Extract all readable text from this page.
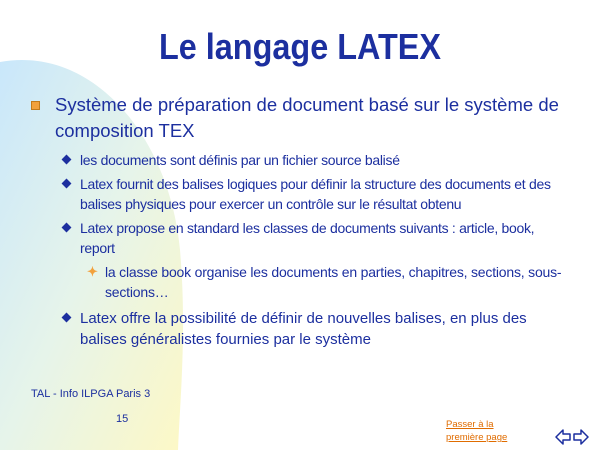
Le langage LATEX
Système de préparation de document basé sur le système de composition TEX
les documents sont définis par un fichier source balisé
Latex fournit des balises logiques pour définir la structure des documents et des balises physiques pour exercer un contrôle sur le résultat obtenu
Latex propose en standard les classes de documents suivants : article, book, report
✦ la classe book organise les documents en parties, chapitres, sections, sous-sections…
Latex offre la possibilité de définir de nouvelles balises, en plus des balises généralistes fournies par le système
TAL - Info ILPGA Paris 3
15	Passer à la première page
